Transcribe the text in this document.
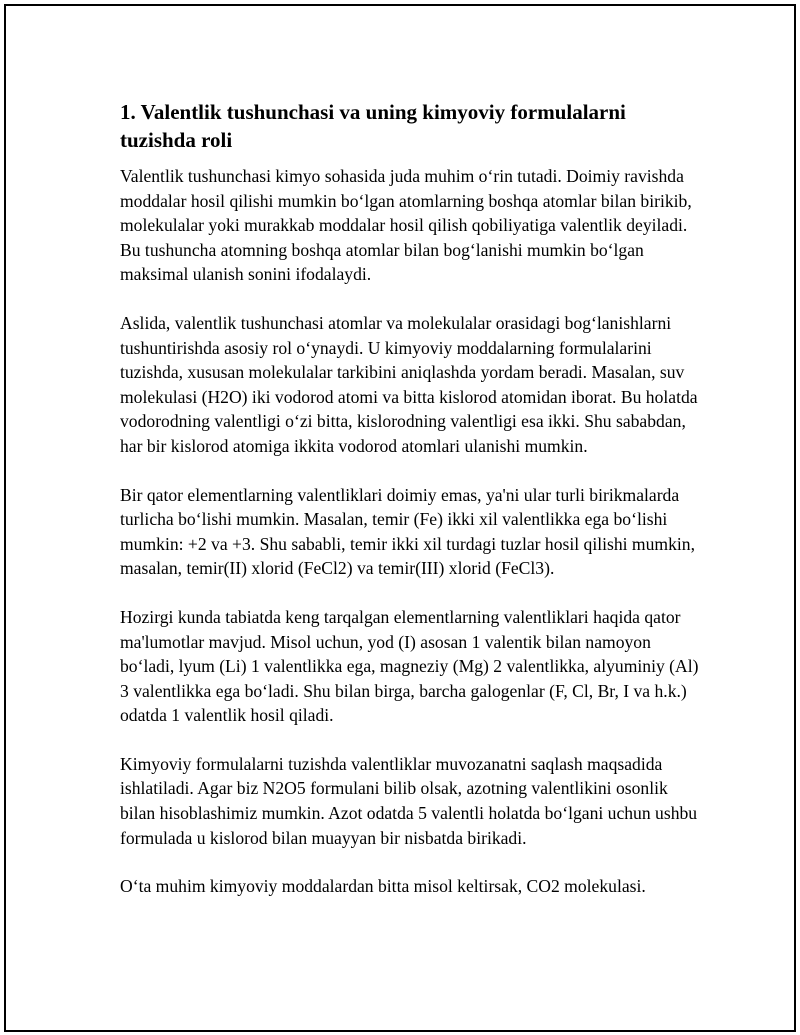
1. Valentlik tushunchasi va uning kimyoviy formulalarni tuzishda roli

Valentlik tushunchasi kimyo sohasida juda muhim o‘rin tutadi. Doimiy ravishda moddalar hosil qilishi mumkin bo‘lgan atomlarning boshqa atomlar bilan birikib, molekulalar yoki murakkab moddalar hosil qilish qobiliyatiga valentlik deyiladi. Bu tushuncha atomning boshqa atomlar bilan bog‘lanishi mumkin bo‘lgan maksimal ulanish sonini ifodalaydi.

Aslida, valentlik tushunchasi atomlar va molekulalar orasidagi bog‘lanishlarni tushuntirishda asosiy rol o‘ynaydi. U kimyoviy moddalarning formulalarini tuzishda, xususan molekulalar tarkibini aniqlashda yordam beradi. Masalan, suv molekulasi (H2O) iki vodorod atomi va bitta kislorod atomidan iborat. Bu holatda vodorodning valentligi o‘zi bitta, kislorodning valentligi esa ikki. Shu sababdan, har bir kislorod atomiga ikkita vodorod atomlari ulanishi mumkin.

Bir qator elementlarning valentliklari doimiy emas, ya'ni ular turli birikmalarda turlicha bo‘lishi mumkin. Masalan, temir (Fe) ikki xil valentlikka ega bo‘lishi mumkin: +2 va +3. Shu sababli, temir ikki xil turdagi tuzlar hosil qilishi mumkin, masalan, temir(II) xlorid (FeCl2) va temir(III) xlorid (FeCl3).

Hozirgi kunda tabiatda keng tarqalgan elementlarning valentliklari haqida qator ma'lumotlar mavjud. Misol uchun, yod (I) asosan 1 valentik bilan namoyon bo‘ladi, lyum (Li) 1 valentlikka ega, magneziy (Mg) 2 valentlikka, alyuminiy (Al) 3 valentlikka ega bo‘ladi. Shu bilan birga, barcha galogenlar (F, Cl, Br, I va h.k.) odatda 1 valentlik hosil qiladi.

Kimyoviy formulalarni tuzishda valentliklar muvozanatni saqlash maqsadida ishlatiladi. Agar biz N2O5 formulani bilib olsak, azotning valentlikini osonlik bilan hisoblashimiz mumkin. Azot odatda 5 valentli holatda bo‘lgani uchun ushbu formulada u kislorod bilan muayyan bir nisbatda birikadi.

O‘ta muhim kimyoviy moddalardan bitta misol keltirsak, CO2 molekulasi.
